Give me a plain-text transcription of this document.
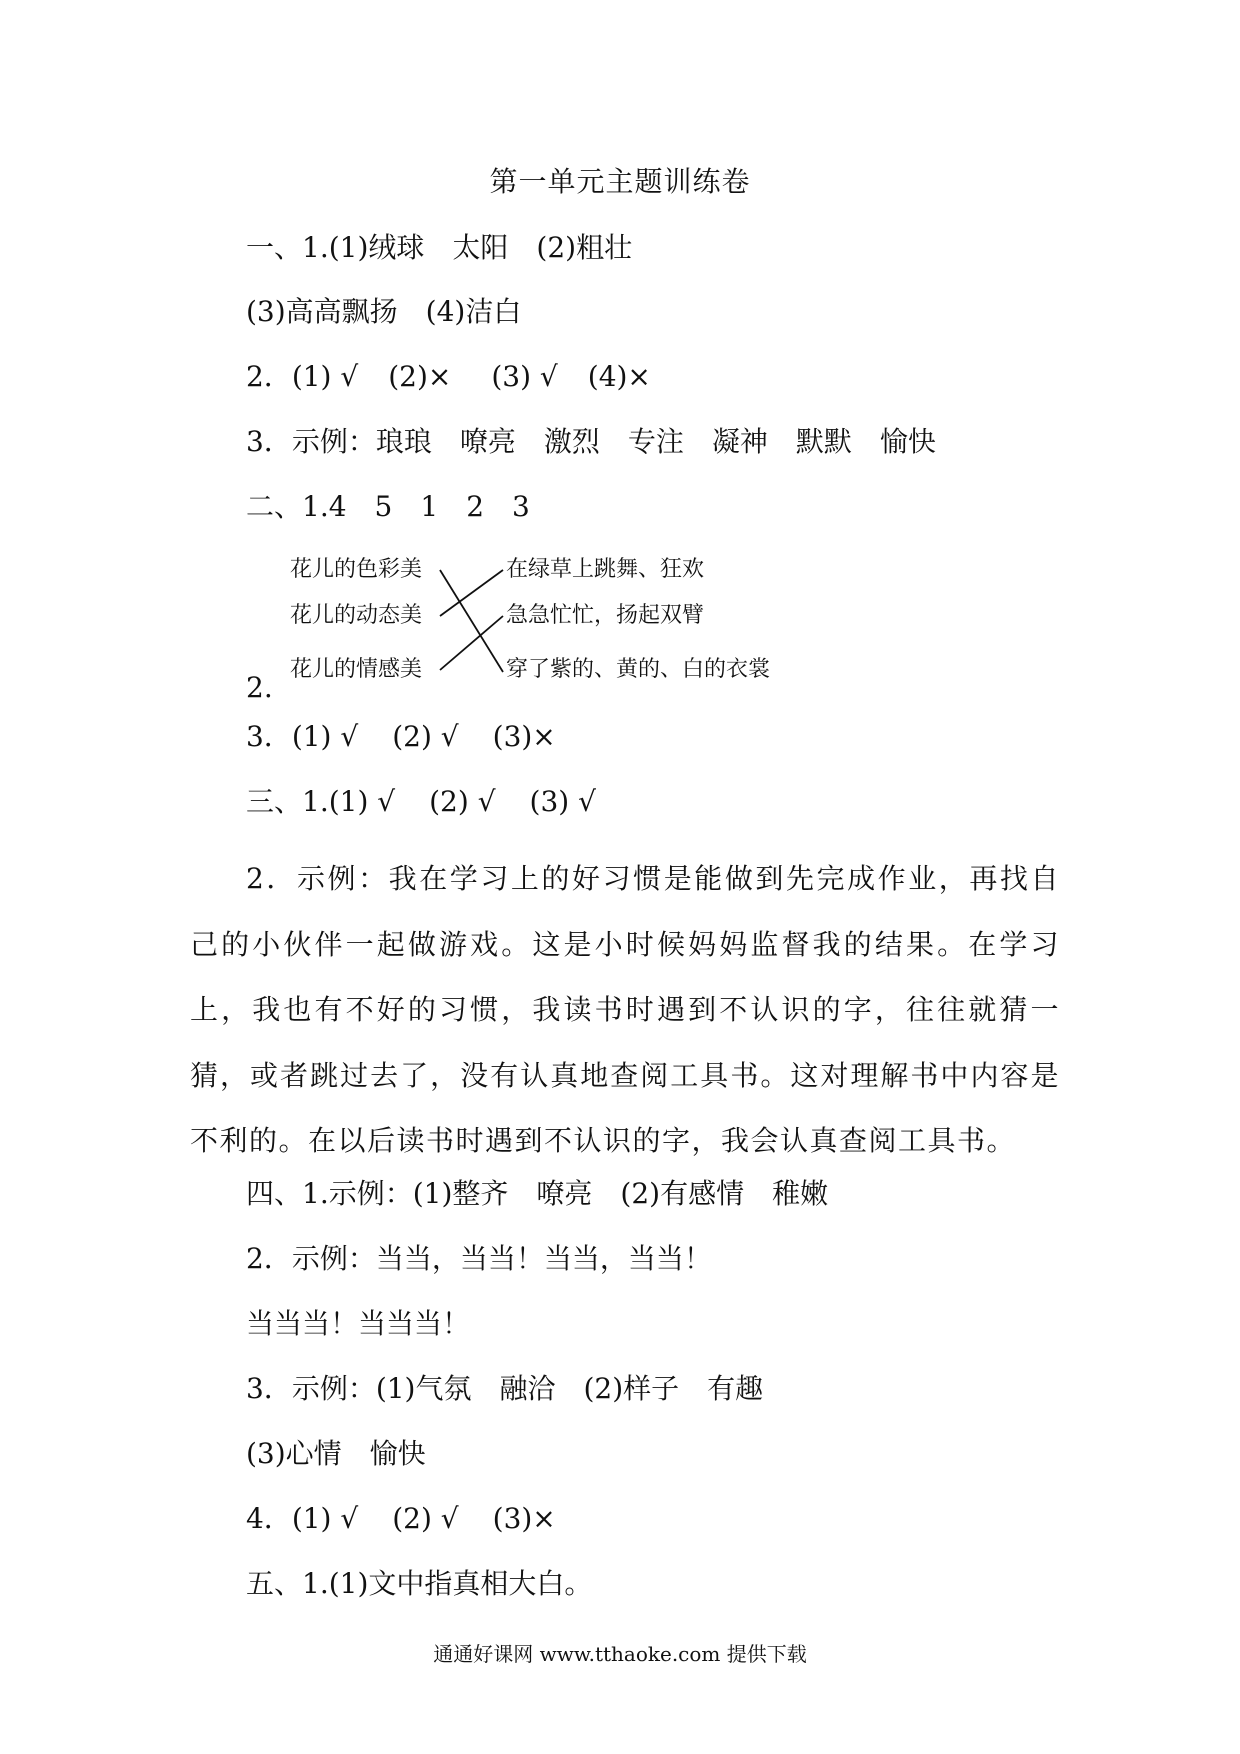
第一单元主题训练卷
一、1.(1)绒球 太阳 (2)粗壮
(3)高高飘扬 (4)洁白
2．(1) √ (2)× (3) √ (4)×
3．示例：琅琅 嘹亮 激烈 专注 凝神 默默 愉快
二、1.4 5 1 2 3
2.
花儿的色彩美
花儿的动态美
花儿的情感美
在绿草上跳舞、狂欢
急急忙忙，扬起双臂
穿了紫的、黄的、白的衣裳
3．(1) √ (2) √ (3)×
三、1.(1) √ (2) √ (3) √
2．示例：我在学习上的好习惯是能做到先完成作业，再找自己的小伙伴一起做游戏。这是小时候妈妈监督我的结果。在学习上，我也有不好的习惯，我读书时遇到不认识的字，往往就猜一猜，或者跳过去了，没有认真地查阅工具书。这对理解书中内容是不利的。在以后读书时遇到不认识的字，我会认真查阅工具书。
四、1.示例：(1)整齐 嘹亮 (2)有感情 稚嫩
2．示例：当当，当当！当当，当当！
当当当！当当当！
3．示例：(1)气氛 融洽 (2)样子 有趣
(3)心情 愉快
4．(1) √ (2) √ (3)×
五、1.(1)文中指真相大白。
通通好课网 www.tthaoke.com 提供下载
